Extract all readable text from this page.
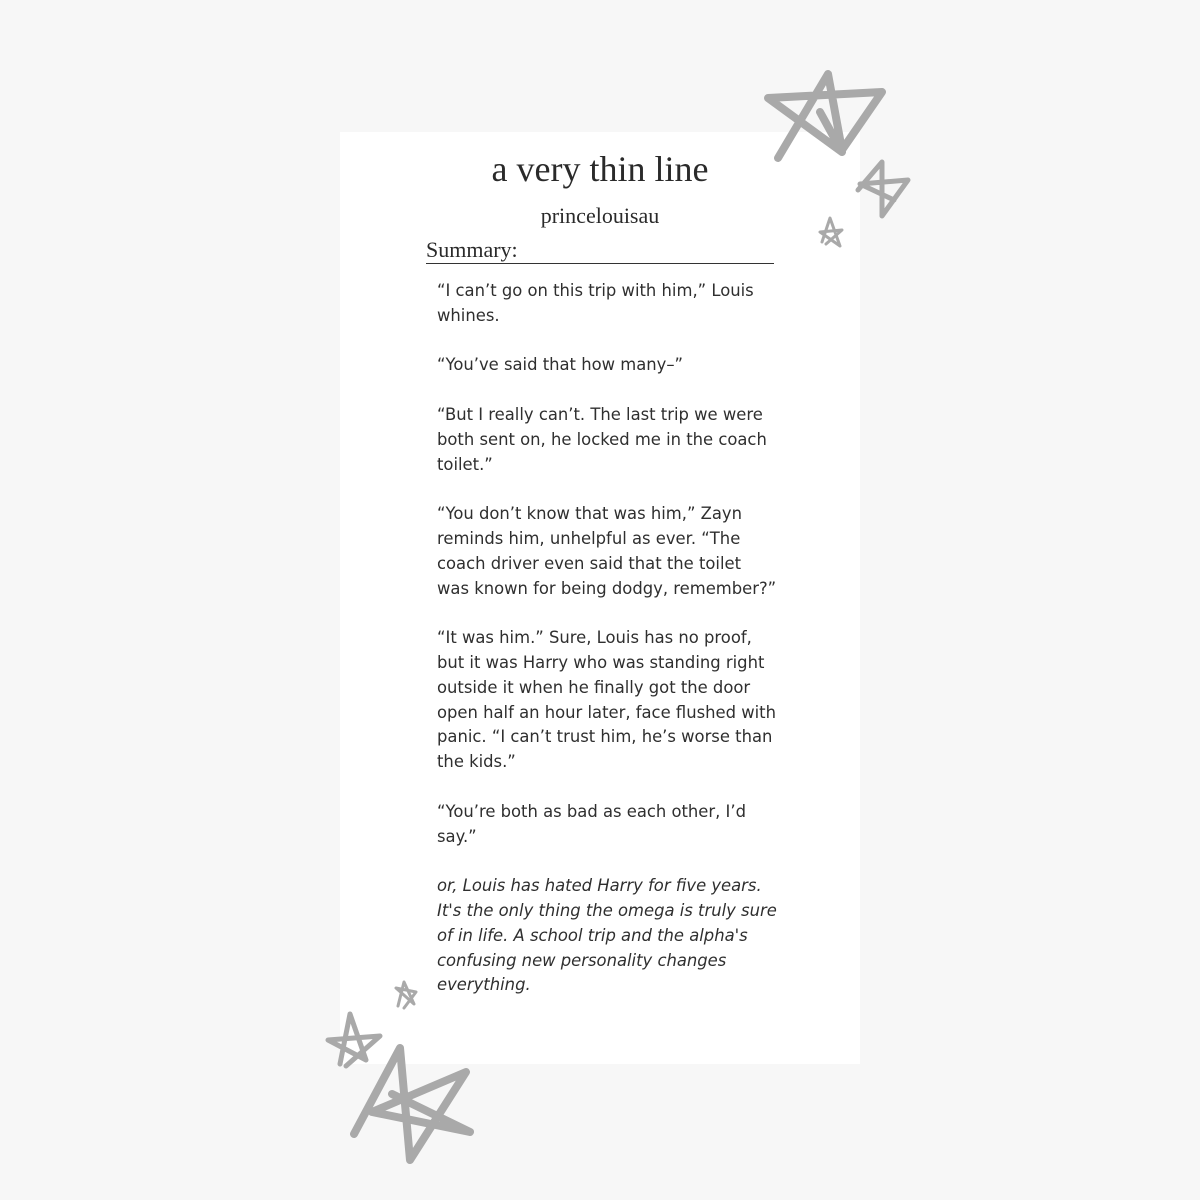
a very thin line
princelouisau
Summary:

“I can’t go on this trip with him,” Louis whines.

“You’ve said that how many–”

“But I really can’t. The last trip we were both sent on, he locked me in the coach toilet.”

“You don’t know that was him,” Zayn reminds him, unhelpful as ever. “The coach driver even said that the toilet was known for being dodgy, remember?”

“It was him.” Sure, Louis has no proof, but it was Harry who was standing right outside it when he finally got the door open half an hour later, face flushed with panic. “I can’t trust him, he’s worse than the kids.”

“You’re both as bad as each other, I’d say.”

or, Louis has hated Harry for five years. It's the only thing the omega is truly sure of in life. A school trip and the alpha's confusing new personality changes everything.
